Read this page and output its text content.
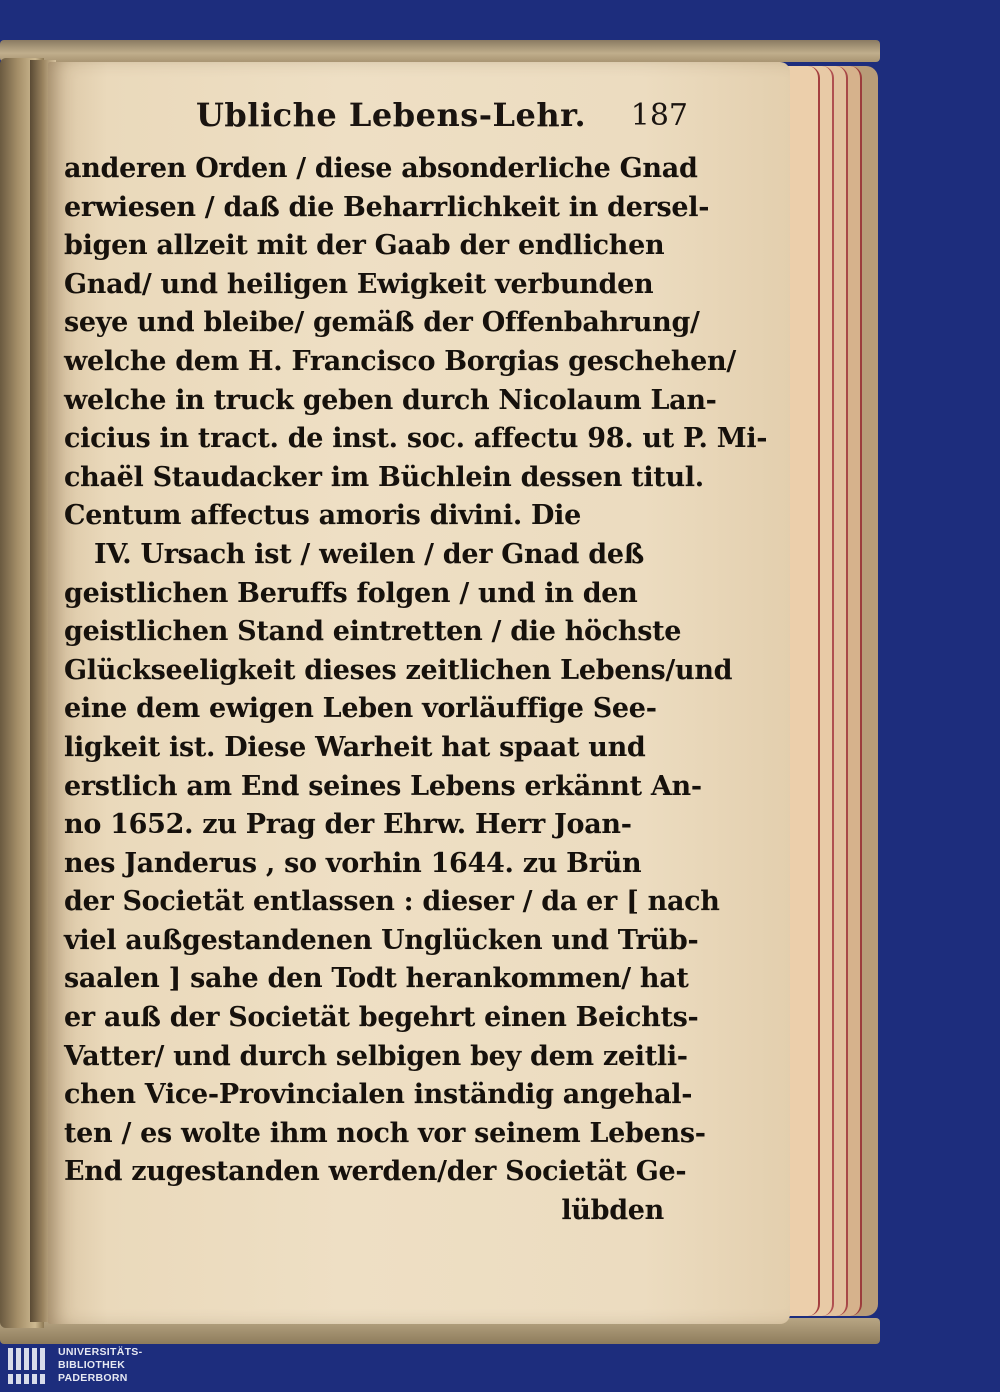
Ubliche Lebens-Lehr. 187
anderen Orden / diese absonderliche Gnad
erwiesen / daß die Beharrlichkeit in dersel-
bigen allzeit mit der Gaab der endlichen
Gnad/ und heiligen Ewigkeit verbunden
seye und bleibe/ gemäß der Offenbahrung/
welche dem H. Francisco Borgias geschehen/
welche in truck geben durch Nicolaum Lan-
cicius in tract. de inst. soc. affectu 98. ut P. Mi-
chaël Staudacker im Büchlein dessen titul.
Centum affectus amoris divini. Die
IV. Ursach ist / weilen / der Gnad deß
geistlichen Beruffs folgen / und in den
geistlichen Stand eintretten / die höchste
Glückseeligkeit dieses zeitlichen Lebens/und
eine dem ewigen Leben vorläuffige See-
ligkeit ist. Diese Warheit hat spaat und
erstlich am End seines Lebens erkännt An-
no 1652. zu Prag der Ehrw. Herr Joan-
nes Janderus , so vorhin 1644. zu Brün
der Societät entlassen : dieser / da er [ nach
viel außgestandenen Unglücken und Trüb-
saalen ] sahe den Todt herankommen/ hat
er auß der Societät begehrt einen Beichts-
Vatter/ und durch selbigen bey dem zeitli-
chen Vice-Provincialen inständig angehal-
ten / es wolte ihm noch vor seinem Lebens-
End zugestanden werden/der Societät Ge-
lübden
UNIVERSITÄTS-
BIBLIOTHEK
PADERBORN
